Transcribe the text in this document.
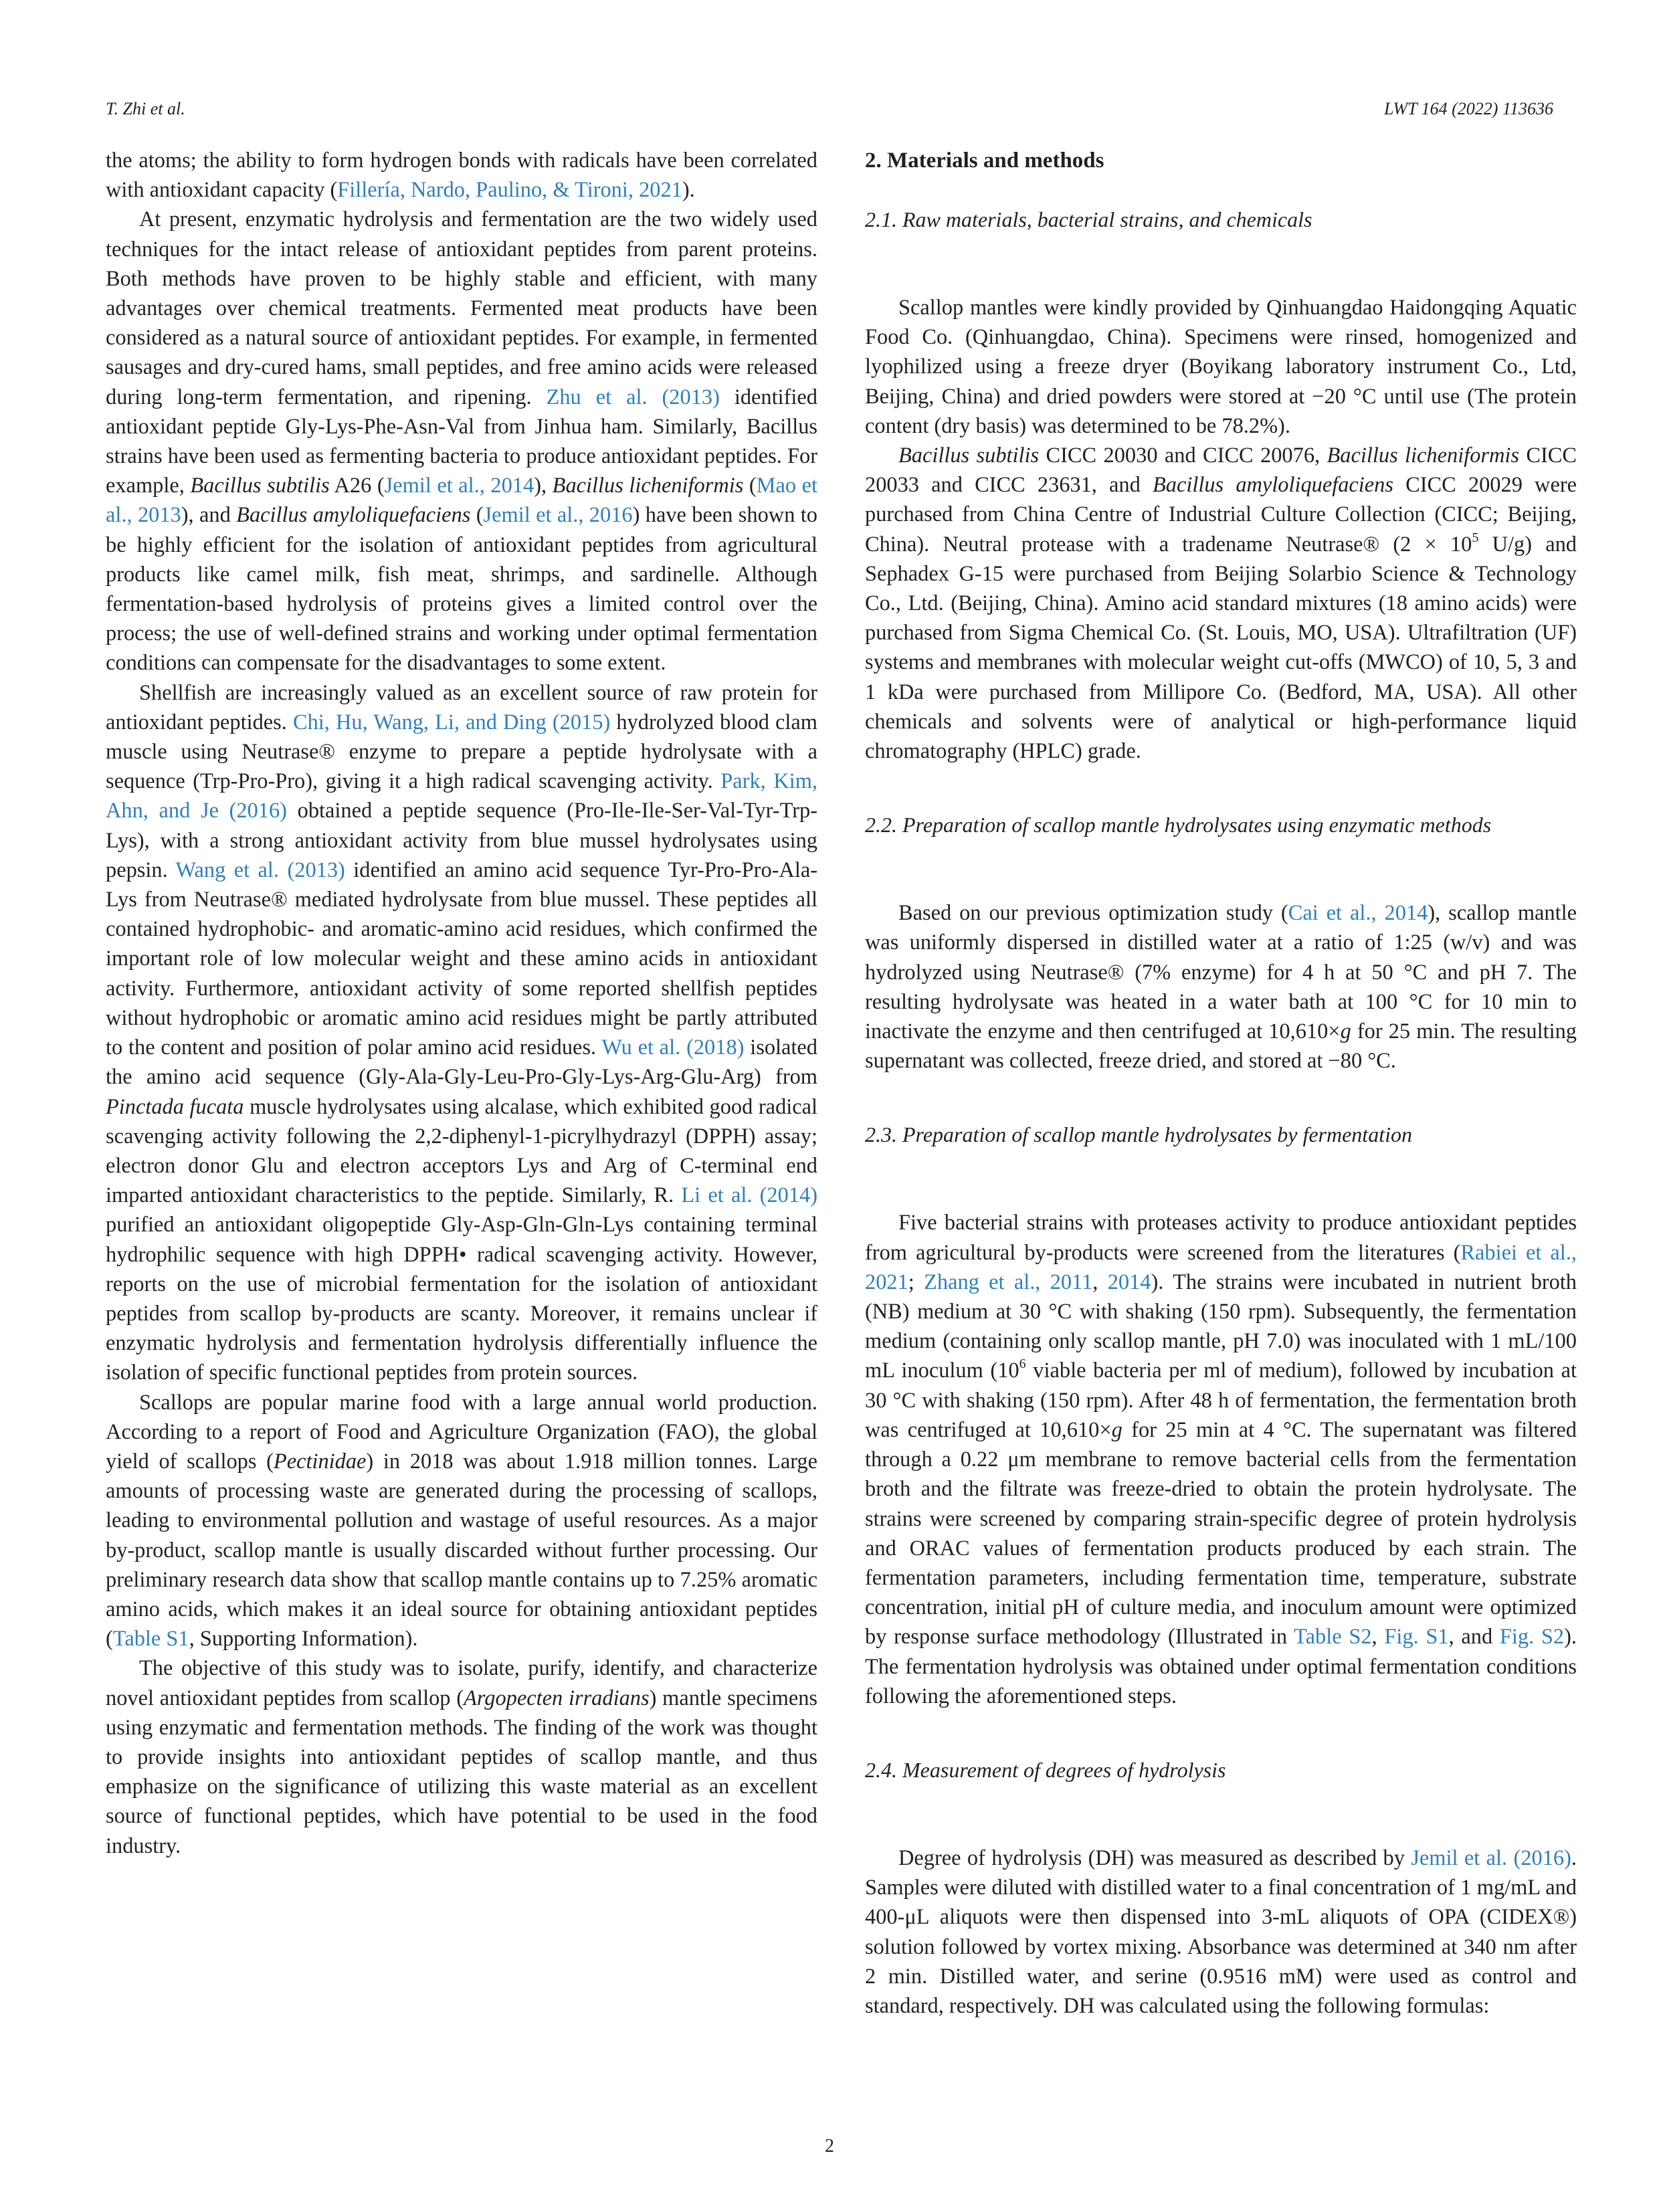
T. Zhi et al.	LWT 164 (2022) 113636

the atoms; the ability to form hydrogen bonds with radicals have been correlated with antioxidant capacity (Fillería, Nardo, Paulino, & Tironi, 2021).

At present, enzymatic hydrolysis and fermentation are the two widely used techniques for the intact release of antioxidant peptides from parent proteins. Both methods have proven to be highly stable and efficient, with many advantages over chemical treatments. Fermented meat products have been considered as a natural source of antioxidant peptides. For example, in fermented sausages and dry-cured hams, small peptides, and free amino acids were released during long-term fermentation, and ripening. Zhu et al. (2013) identified antioxidant peptide Gly-Lys-Phe-Asn-Val from Jinhua ham. Similarly, Bacillus strains have been used as fermenting bacteria to produce antioxidant peptides. For example, Bacillus subtilis A26 (Jemil et al., 2014), Bacillus licheniformis (Mao et al., 2013), and Bacillus amyloliquefaciens (Jemil et al., 2016) have been shown to be highly efficient for the isolation of antioxidant peptides from agricultural products like camel milk, fish meat, shrimps, and sardinelle. Although fermentation-based hydrolysis of proteins gives a limited control over the process; the use of well-defined strains and working under optimal fermentation conditions can compensate for the disadvantages to some extent.

Shellfish are increasingly valued as an excellent source of raw protein for antioxidant peptides. Chi, Hu, Wang, Li, and Ding (2015) hydrolyzed blood clam muscle using Neutrase® enzyme to prepare a peptide hydrolysate with a sequence (Trp-Pro-Pro), giving it a high radical scavenging activity. Park, Kim, Ahn, and Je (2016) obtained a peptide sequence (Pro-Ile-Ile-Ser-Val-Tyr-Trp-Lys), with a strong antioxidant activity from blue mussel hydrolysates using pepsin. Wang et al. (2013) identified an amino acid sequence Tyr-Pro-Pro-Ala-Lys from Neutrase® mediated hydrolysate from blue mussel. These peptides all contained hydrophobic- and aromatic-amino acid residues, which confirmed the important role of low molecular weight and these amino acids in antioxidant activity. Furthermore, antioxidant activity of some reported shellfish peptides without hydrophobic or aromatic amino acid residues might be partly attributed to the content and position of polar amino acid residues. Wu et al. (2018) isolated the amino acid sequence (Gly-Ala-Gly-Leu-Pro-Gly-Lys-Arg-Glu-Arg) from Pinctada fucata muscle hydrolysates using alcalase, which exhibited good radical scavenging activity following the 2,2-diphenyl-1-picrylhydrazyl (DPPH) assay; electron donor Glu and electron acceptors Lys and Arg of C-terminal end imparted antioxidant characteristics to the peptide. Similarly, R. Li et al. (2014) purified an antioxidant oligopeptide Gly-Asp-Gln-Gln-Lys containing terminal hydrophilic sequence with high DPPH• radical scavenging activity. However, reports on the use of microbial fermentation for the isolation of antioxidant peptides from scallop by-products are scanty. Moreover, it remains unclear if enzymatic hydrolysis and fermentation hydrolysis differentially influence the isolation of specific functional peptides from protein sources.

Scallops are popular marine food with a large annual world production. According to a report of Food and Agriculture Organization (FAO), the global yield of scallops (Pectinidae) in 2018 was about 1.918 million tonnes. Large amounts of processing waste are generated during the processing of scallops, leading to environmental pollution and wastage of useful resources. As a major by-product, scallop mantle is usually discarded without further processing. Our preliminary research data show that scallop mantle contains up to 7.25% aromatic amino acids, which makes it an ideal source for obtaining antioxidant peptides (Table S1, Supporting Information).

The objective of this study was to isolate, purify, identify, and characterize novel antioxidant peptides from scallop (Argopecten irradians) mantle specimens using enzymatic and fermentation methods. The finding of the work was thought to provide insights into antioxidant peptides of scallop mantle, and thus emphasize on the significance of utilizing this waste material as an excellent source of functional peptides, which have potential to be used in the food industry.

2. Materials and methods
2.1. Raw materials, bacterial strains, and chemicals

Scallop mantles were kindly provided by Qinhuangdao Haidongqing Aquatic Food Co. (Qinhuangdao, China). Specimens were rinsed, homogenized and lyophilized using a freeze dryer (Boyikang laboratory instrument Co., Ltd, Beijing, China) and dried powders were stored at −20 °C until use (The protein content (dry basis) was determined to be 78.2%).

Bacillus subtilis CICC 20030 and CICC 20076, Bacillus licheniformis CICC 20033 and CICC 23631, and Bacillus amyloliquefaciens CICC 20029 were purchased from China Centre of Industrial Culture Collection (CICC; Beijing, China). Neutral protease with a tradename Neutrase® ($2 \times 10^5$ U/g) and Sephadex G-15 were purchased from Beijing Solarbio Science & Technology Co., Ltd. (Beijing, China). Amino acid standard mixtures (18 amino acids) were purchased from Sigma Chemical Co. (St. Louis, MO, USA). Ultrafiltration (UF) systems and membranes with molecular weight cut-offs (MWCO) of 10, 5, 3 and 1 kDa were purchased from Millipore Co. (Bedford, MA, USA). All other chemicals and solvents were of analytical or high-performance liquid chromatography (HPLC) grade.

2.2. Preparation of scallop mantle hydrolysates using enzymatic methods

Based on our previous optimization study (Cai et al., 2014), scallop mantle was uniformly dispersed in distilled water at a ratio of 1:25 (w/v) and was hydrolyzed using Neutrase® (7% enzyme) for 4 h at 50 °C and pH 7. The resulting hydrolysate was heated in a water bath at 100 °C for 10 min to inactivate the enzyme and then centrifuged at 10,610×g for 25 min. The resulting supernatant was collected, freeze dried, and stored at −80 °C.

2.3. Preparation of scallop mantle hydrolysates by fermentation

Five bacterial strains with proteases activity to produce antioxidant peptides from agricultural by-products were screened from the literatures (Rabiei et al., 2021; Zhang et al., 2011, 2014). The strains were incubated in nutrient broth (NB) medium at 30 °C with shaking (150 rpm). Subsequently, the fermentation medium (containing only scallop mantle, pH 7.0) was inoculated with 1 mL/100 mL inoculum ($10^6$ viable bacteria per ml of medium), followed by incubation at 30 °C with shaking (150 rpm). After 48 h of fermentation, the fermentation broth was centrifuged at 10,610×g for 25 min at 4 °C. The supernatant was filtered through a 0.22 μm membrane to remove bacterial cells from the fermentation broth and the filtrate was freeze-dried to obtain the protein hydrolysate. The strains were screened by comparing strain-specific degree of protein hydrolysis and ORAC values of fermentation products produced by each strain. The fermentation parameters, including fermentation time, temperature, substrate concentration, initial pH of culture media, and inoculum amount were optimized by response surface methodology (Illustrated in Table S2, Fig. S1, and Fig. S2). The fermentation hydrolysis was obtained under optimal fermentation conditions following the aforementioned steps.

2.4. Measurement of degrees of hydrolysis

Degree of hydrolysis (DH) was measured as described by Jemil et al. (2016). Samples were diluted with distilled water to a final concentration of 1 mg/mL and 400-μL aliquots were then dispensed into 3-mL aliquots of OPA (CIDEX®) solution followed by vortex mixing. Absorbance was determined at 340 nm after 2 min. Distilled water, and serine (0.9516 mM) were used as control and standard, respectively. DH was calculated using the following formulas:

2
